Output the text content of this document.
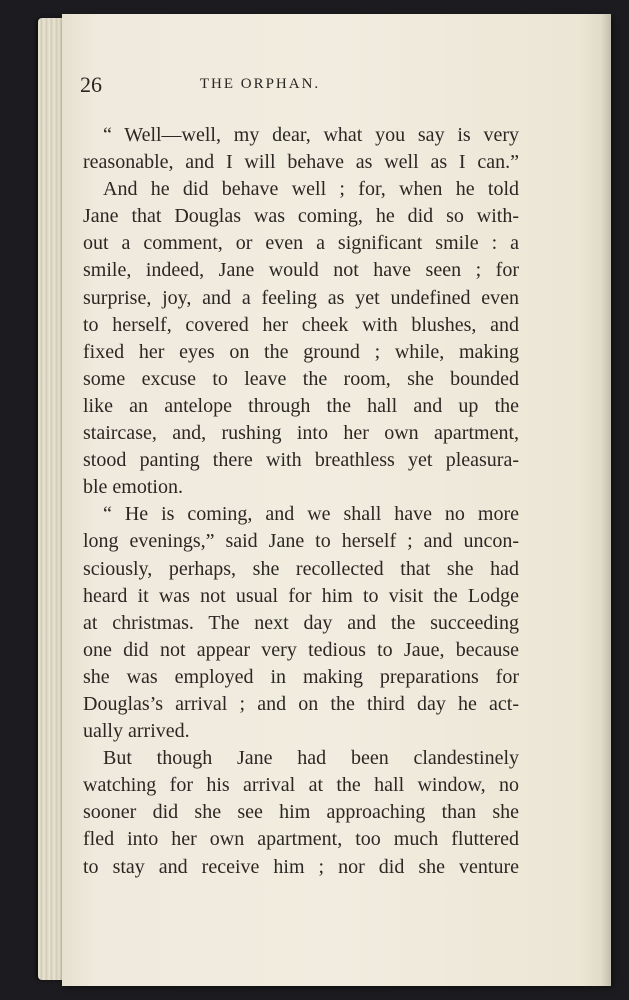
26	THE ORPHAN.
“ Well—well, my dear, what you say is very
reasonable, and I will behave as well as I can.”
And he did behave well ; for, when he told
Jane that Douglas was coming, he did so with-
out a comment, or even a significant smile : a
smile, indeed, Jane would not have seen ; for
surprise, joy, and a feeling as yet undefined even
to herself, covered her cheek with blushes, and
fixed her eyes on the ground ; while, making
some excuse to leave the room, she bounded
like an antelope through the hall and up the
staircase, and, rushing into her own apartment,
stood panting there with breathless yet pleasura-
ble emotion.
“ He is coming, and we shall have no more
long evenings,” said Jane to herself ; and uncon-
sciously, perhaps, she recollected that she had
heard it was not usual for him to visit the Lodge
at christmas. The next day and the succeeding
one did not appear very tedious to Jaue, because
she was employed in making preparations for
Douglas’s arrival ; and on the third day he act-
ually arrived.
But though Jane had been clandestinely
watching for his arrival at the hall window, no
sooner did she see him approaching than she
fled into her own apartment, too much fluttered
to stay and receive him ; nor did she venture
